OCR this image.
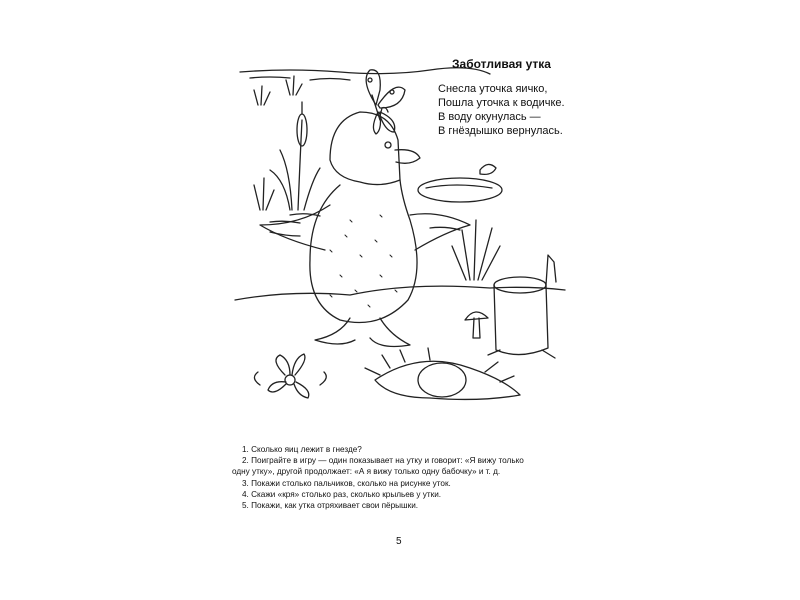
Заботливая утка
Снесла уточка яичко,
Пошла уточка к водичке.
В воду окунулась —
В гнёздышко вернулась.
1. Сколько яиц лежит в гнезде?
2. Поиграйте в игру — один показывает на утку и говорит: «Я вижу только
одну утку», другой продолжает: «А я вижу только одну бабочку» и т. д.
3. Покажи столько пальчиков, сколько на рисунке уток.
4. Скажи «кря» столько раз, сколько крыльев у утки.
5. Покажи, как утка отряхивает свои пёрышки.
5
